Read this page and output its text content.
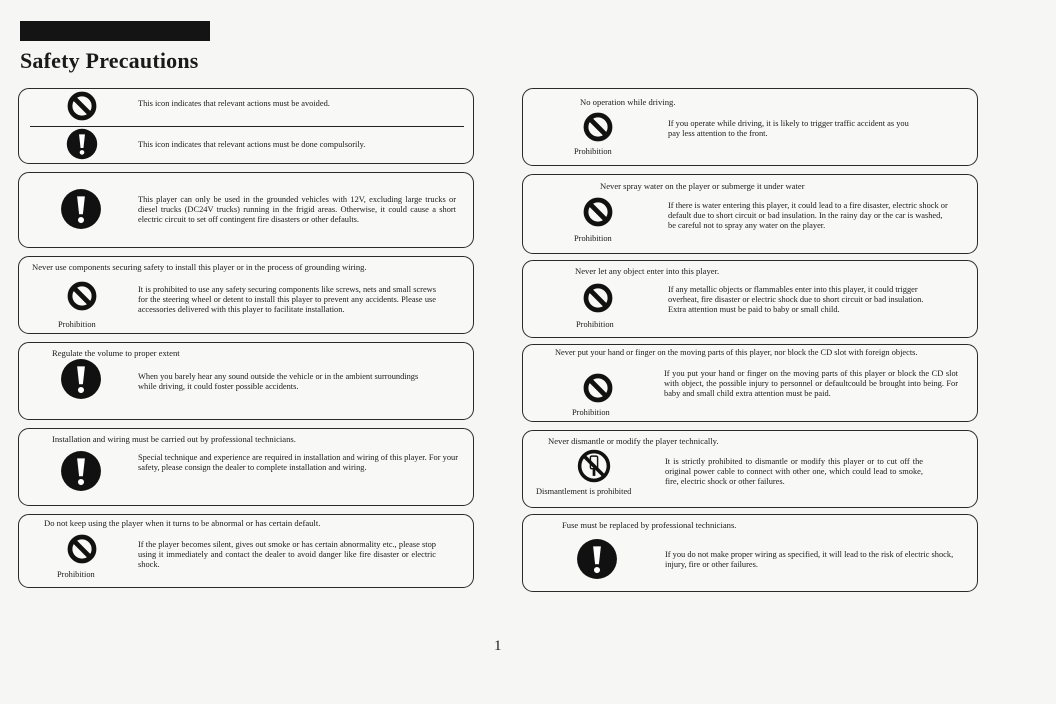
Safety Precautions
This icon indicates that relevant actions must be avoided.
This icon indicates that relevant actions must be done compulsorily.
This player can only be used in the grounded vehicles with 12V, excluding large trucks or diesel trucks (DC24V trucks) running in the frigid areas. Otherwise, it could cause a short electric circuit to set off contingent fire disasters or other defaults.
Never use components securing safety to install this player or in the process of grounding wiring.
Prohibition
It is prohibited to use any safety securing components like screws, nets and small screws for the steering wheel or detent to install this player to prevent any accidents. Please use accessories delivered with this player to facilitate installation.
Regulate the volume to proper extent
When you barely hear any sound outside the vehicle or in the ambient surroundings while driving, it could foster possible accidents.
Installation and wiring must be carried out by professional technicians.
Special technique and experience are required in installation and wiring of this player. For your safety, please consign the dealer to complete installation and wiring.
Do not keep using the player when it turns to be abnormal or has certain default.
Prohibition
If the player becomes silent, gives out smoke or has certain abnormality etc., please stop using it immediately and contact the dealer to avoid danger like fire disaster or electric shock.
No operation while driving.
Prohibition
If you operate while driving, it is likely to trigger traffic accident as you pay less attention to the front.
Never spray water on the player or submerge it under water
Prohibition
If there is water entering this player, it could lead to a fire disaster, electric shock or default due to short circuit or bad insulation. In the rainy day or the car is washed, be careful not to spray any water on the player.
Never let any object enter into this player.
Prohibition
If any metallic objects or flammables enter into this player, it could trigger overheat, fire disaster or electric shock due to short circuit or bad insulation. Extra attention must be paid to baby or small child.
Never put your hand or finger on the moving parts of this player, nor block the CD slot with foreign objects.
Prohibition
If you put your hand or finger on the moving parts of this player or block the CD slot with object, the possible injury to personnel or defaultcould be brought into being. For baby and small child extra attention must be paid.
Never dismantle or modify the player technically.
Dismantlement is prohibited
It is strictly prohibited to dismantle or modify this player or to cut off the original power cable to connect with other one, which could lead to smoke, fire, electric shock or other failures.
Fuse must be replaced by professional technicians.
If you do not make proper wiring as specified, it will lead to the risk of electric shock, injury, fire or other failures.
1
